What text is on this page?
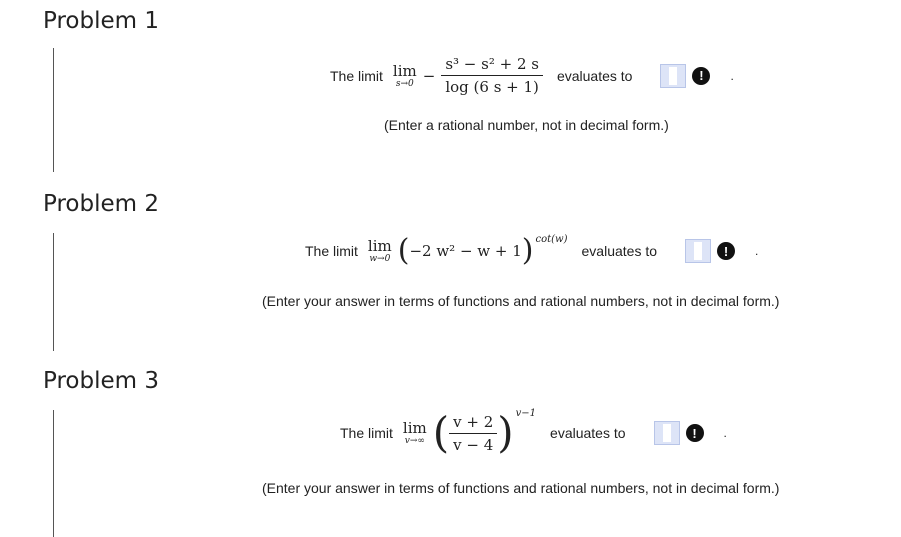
Problem 1
The limit lim
$s\to 0 - \frac{\text{s³ − s² + 2 s}}{\log (6 s + 1)}$ evaluates to	!	.
(Enter a rational number, not in decimal form.)
Problem 2
The limit lim
w→0 ( −2 w² − w + 1 ) cot(w)
evaluates to	!	.
(Enter your answer in terms of functions and rational numbers, not in decimal form.)
Problem 3
The limit lim
v→∞ ( $\frac{v + 2}{v - 4}$ ) v−1
evaluates to	!	.
(Enter your answer in terms of functions and rational numbers, not in decimal form.)
